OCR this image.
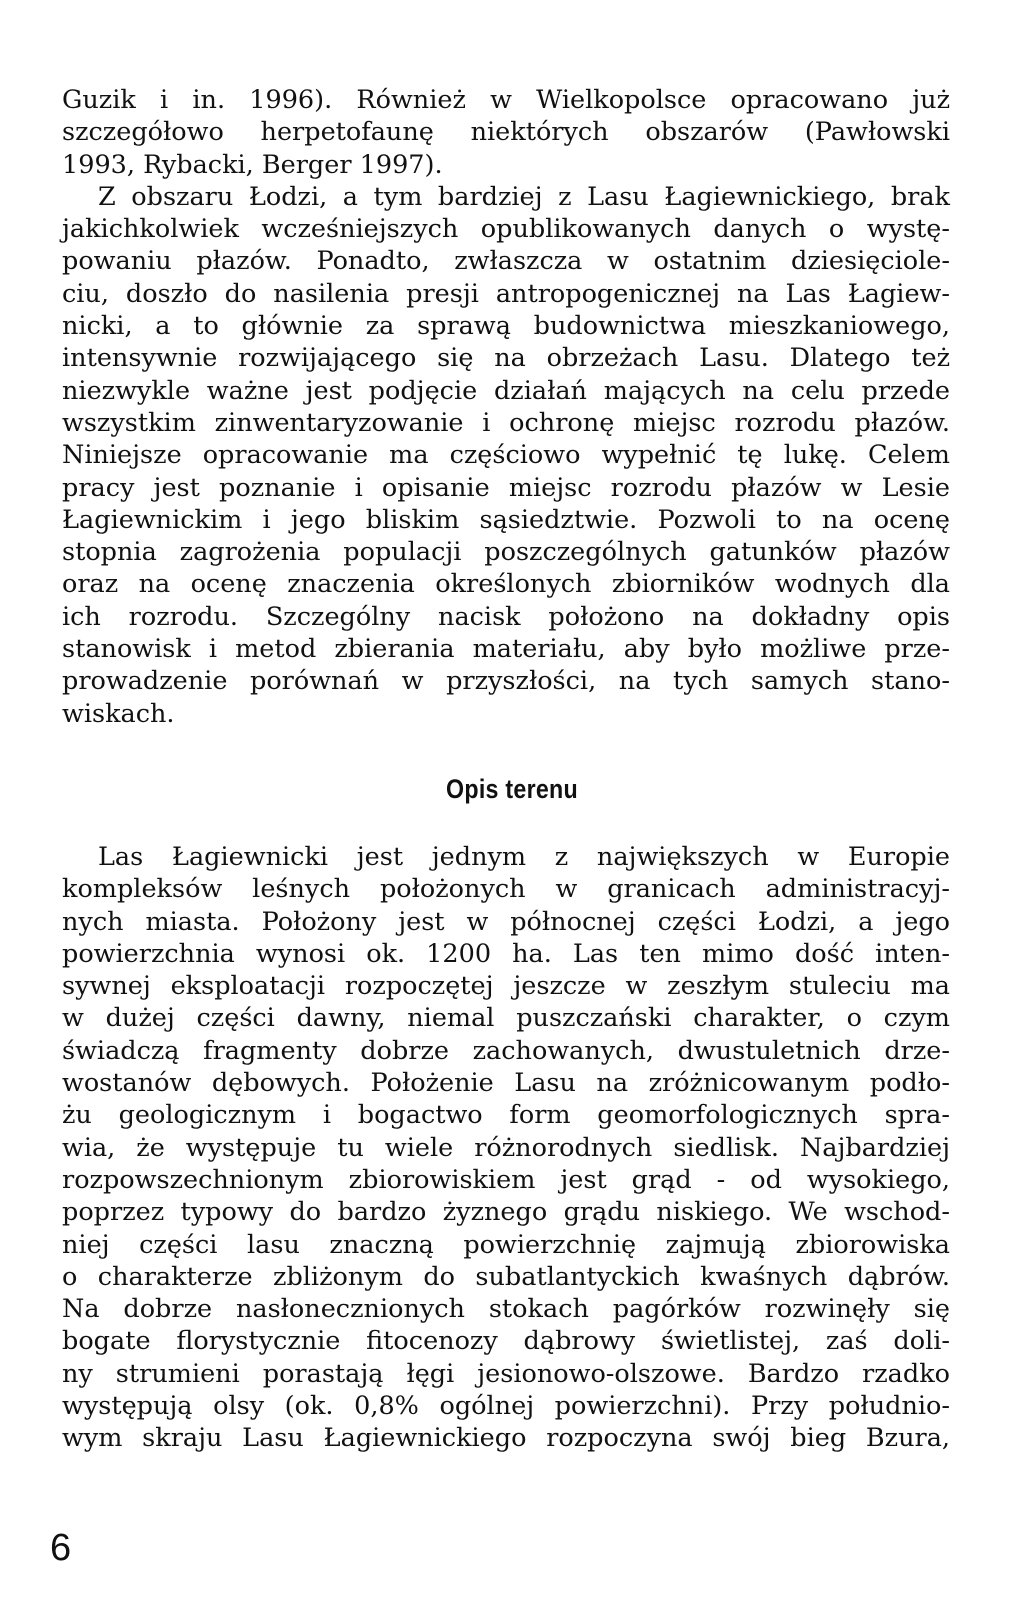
Guzik i in. 1996). Również w Wielkopolsce opracowano już
szczegółowo herpetofaunę niektórych obszarów (Pawłowski
1993, Rybacki, Berger 1997).
Z obszaru Łodzi, a tym bardziej z Lasu Łagiewnickiego, brak
jakichkolwiek wcześniejszych opublikowanych danych o wystę-
powaniu płazów. Ponadto, zwłaszcza w ostatnim dziesięciole-
ciu, doszło do nasilenia presji antropogenicznej na Las Łagiew-
nicki, a to głównie za sprawą budownictwa mieszkaniowego,
intensywnie rozwijającego się na obrzeżach Lasu. Dlatego też
niezwykle ważne jest podjęcie działań mających na celu przede
wszystkim zinwentaryzowanie i ochronę miejsc rozrodu płazów.
Niniejsze opracowanie ma częściowo wypełnić tę lukę. Celem
pracy jest poznanie i opisanie miejsc rozrodu płazów w Lesie
Łagiewnickim i jego bliskim sąsiedztwie. Pozwoli to na ocenę
stopnia zagrożenia populacji poszczególnych gatunków płazów
oraz na ocenę znaczenia określonych zbiorników wodnych dla
ich rozrodu. Szczególny nacisk położono na dokładny opis
stanowisk i metod zbierania materiału, aby było możliwe prze-
prowadzenie porównań w przyszłości, na tych samych stano-
wiskach.
Opis terenu
Las Łagiewnicki jest jednym z największych w Europie
kompleksów leśnych położonych w granicach administracyj-
nych miasta. Położony jest w północnej części Łodzi, a jego
powierzchnia wynosi ok. 1200 ha. Las ten mimo dość inten-
sywnej eksploatacji rozpoczętej jeszcze w zeszłym stuleciu ma
w dużej części dawny, niemal puszczański charakter, o czym
świadczą fragmenty dobrze zachowanych, dwustuletnich drze-
wostanów dębowych. Położenie Lasu na zróżnicowanym podło-
żu geologicznym i bogactwo form geomorfologicznych spra-
wia, że występuje tu wiele różnorodnych siedlisk. Najbardziej
rozpowszechnionym zbiorowiskiem jest grąd - od wysokiego,
poprzez typowy do bardzo żyznego grądu niskiego. We wschod-
niej części lasu znaczną powierzchnię zajmują zbiorowiska
o charakterze zbliżonym do subatlantyckich kwaśnych dąbrów.
Na dobrze nasłonecznionych stokach pagórków rozwinęły się
bogate florystycznie fitocenozy dąbrowy świetlistej, zaś doli-
ny strumieni porastają łęgi jesionowo-olszowe. Bardzo rzadko
występują olsy (ok. 0,8% ogólnej powierzchni). Przy południo-
wym skraju Lasu Łagiewnickiego rozpoczyna swój bieg Bzura,
6
